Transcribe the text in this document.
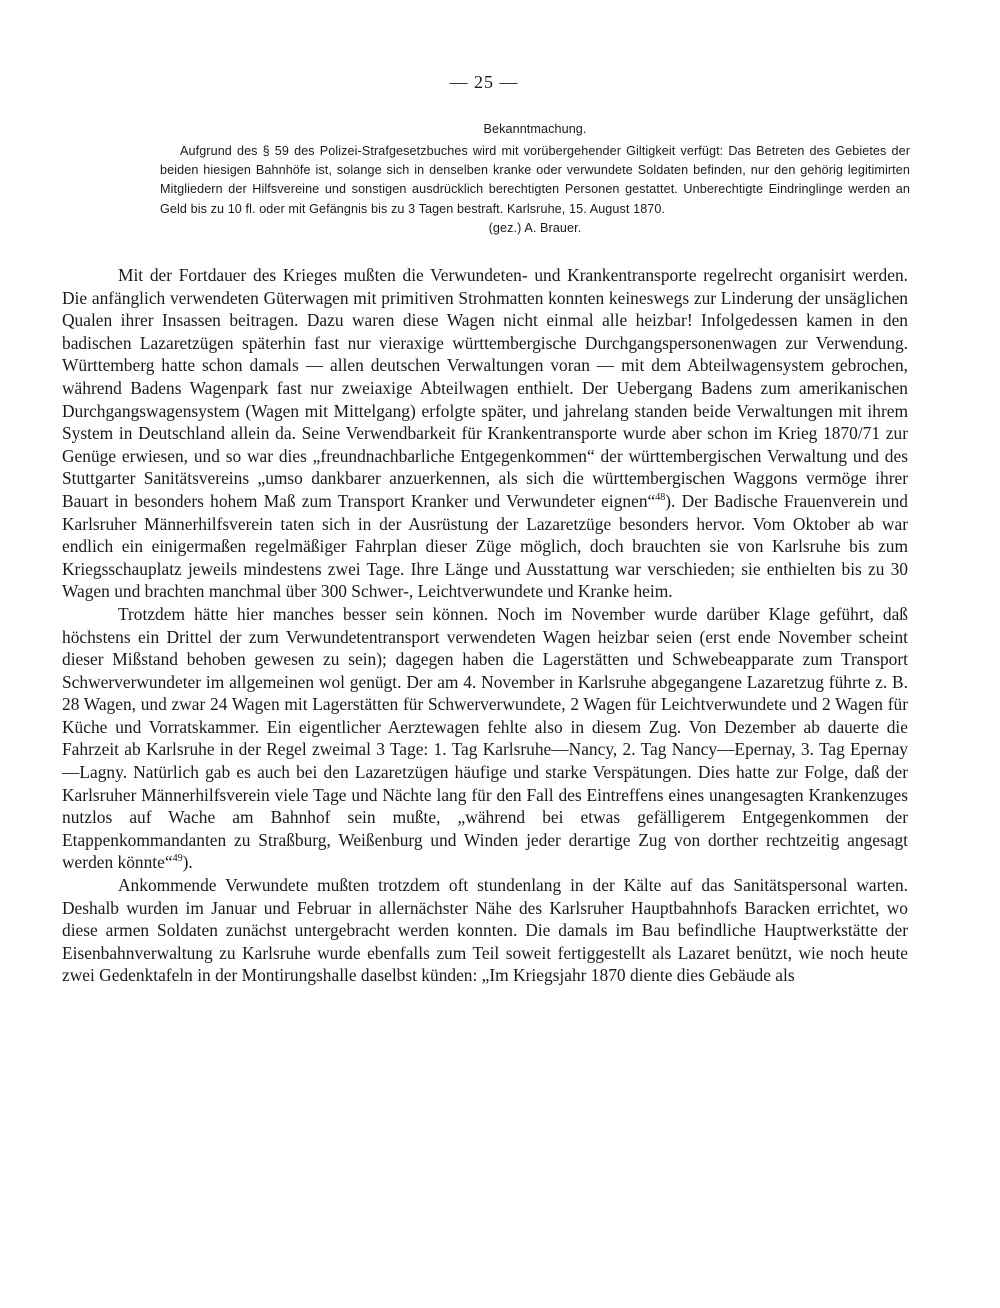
— 25 —
Bekanntmachung.
Aufgrund des § 59 des Polizei-Strafgesetzbuches wird mit vorübergehender Giltigkeit verfügt: Das Betreten des Gebietes der beiden hiesigen Bahnhöfe ist, solange sich in denselben kranke oder verwundete Soldaten befinden, nur den gehörig legitimirten Mitgliedern der Hilfsvereine und sonstigen ausdrücklich berechtigten Personen gestattet. Unberechtigte Eindringlinge werden an Geld bis zu 10 fl. oder mit Gefängnis bis zu 3 Tagen bestraft. Karlsruhe, 15. August 1870.
(gez.) A. Brauer.

Mit der Fortdauer des Krieges mußten die Verwundeten- und Krankentransporte regelrecht organisirt werden. Die anfänglich verwendeten Güterwagen mit primitiven Strohmatten konnten keineswegs zur Linderung der unsäglichen Qualen ihrer Insassen beitragen. Dazu waren diese Wagen nicht einmal alle heizbar! Infolgedessen kamen in den badischen Lazaretzügen späterhin fast nur vieraxige württembergische Durchgangspersonenwagen zur Verwendung. Württemberg hatte schon damals — allen deutschen Verwaltungen voran — mit dem Abteilwagensystem gebrochen, während Badens Wagenpark fast nur zweiaxige Abteilwagen enthielt. Der Uebergang Badens zum amerikanischen Durchgangswagensystem (Wagen mit Mittelgang) erfolgte später, und jahrelang standen beide Verwaltungen mit ihrem System in Deutschland allein da. Seine Verwendbarkeit für Krankentransporte wurde aber schon im Krieg 1870/71 zur Genüge erwiesen, und so war dies „freundnachbarliche Entgegenkommen“ der württembergischen Verwaltung und des Stuttgarter Sanitätsvereins „umso dankbarer anzuerkennen, als sich die württembergischen Waggons vermöge ihrer Bauart in besonders hohem Maß zum Transport Kranker und Verwundeter eignen“$^{48}$). Der Badische Frauenverein und Karlsruher Männerhilfsverein taten sich in der Ausrüstung der Lazaretzüge besonders hervor. Vom Oktober ab war endlich ein einigermaßen regelmäßiger Fahrplan dieser Züge möglich, doch brauchten sie von Karlsruhe bis zum Kriegsschauplatz jeweils mindestens zwei Tage. Ihre Länge und Ausstattung war verschieden; sie enthielten bis zu 30 Wagen und brachten manchmal über 300 Schwer-, Leichtverwundete und Kranke heim.

Trotzdem hätte hier manches besser sein können. Noch im November wurde darüber Klage geführt, daß höchstens ein Drittel der zum Verwundetentransport verwendeten Wagen heizbar seien (erst ende November scheint dieser Mißstand behoben gewesen zu sein); dagegen haben die Lagerstätten und Schwebeapparate zum Transport Schwerverwundeter im allgemeinen wol genügt. Der am 4. November in Karlsruhe abgegangene Lazaretzug führte z. B. 28 Wagen, und zwar 24 Wagen mit Lagerstätten für Schwerverwundete, 2 Wagen für Leichtverwundete und 2 Wagen für Küche und Vorratskammer. Ein eigentlicher Aerztewagen fehlte also in diesem Zug. Von Dezember ab dauerte die Fahrzeit ab Karlsruhe in der Regel zweimal 3 Tage: 1. Tag Karlsruhe—Nancy, 2. Tag Nancy—Epernay, 3. Tag Epernay—Lagny. Natürlich gab es auch bei den Lazaretzügen häufige und starke Verspätungen. Dies hatte zur Folge, daß der Karlsruher Männerhilfsverein viele Tage und Nächte lang für den Fall des Eintreffens eines unangesagten Krankenzuges nutzlos auf Wache am Bahnhof sein mußte, „während bei etwas gefälligerem Entgegenkommen der Etappenkommandanten zu Straßburg, Weißenburg und Winden jeder derartige Zug von dorther rechtzeitig angesagt werden könnte“$^{49}$).

Ankommende Verwundete mußten trotzdem oft stundenlang in der Kälte auf das Sanitätspersonal warten. Deshalb wurden im Januar und Februar in allernächster Nähe des Karlsruher Hauptbahnhofs Baracken errichtet, wo diese armen Soldaten zunächst untergebracht werden konnten. Die damals im Bau befindliche Hauptwerkstätte der Eisenbahnverwaltung zu Karlsruhe wurde ebenfalls zum Teil soweit fertiggestellt als Lazaret benützt, wie noch heute zwei Gedenktafeln in der Montirungshalle daselbst künden: „Im Kriegsjahr 1870 diente dies Gebäude als
